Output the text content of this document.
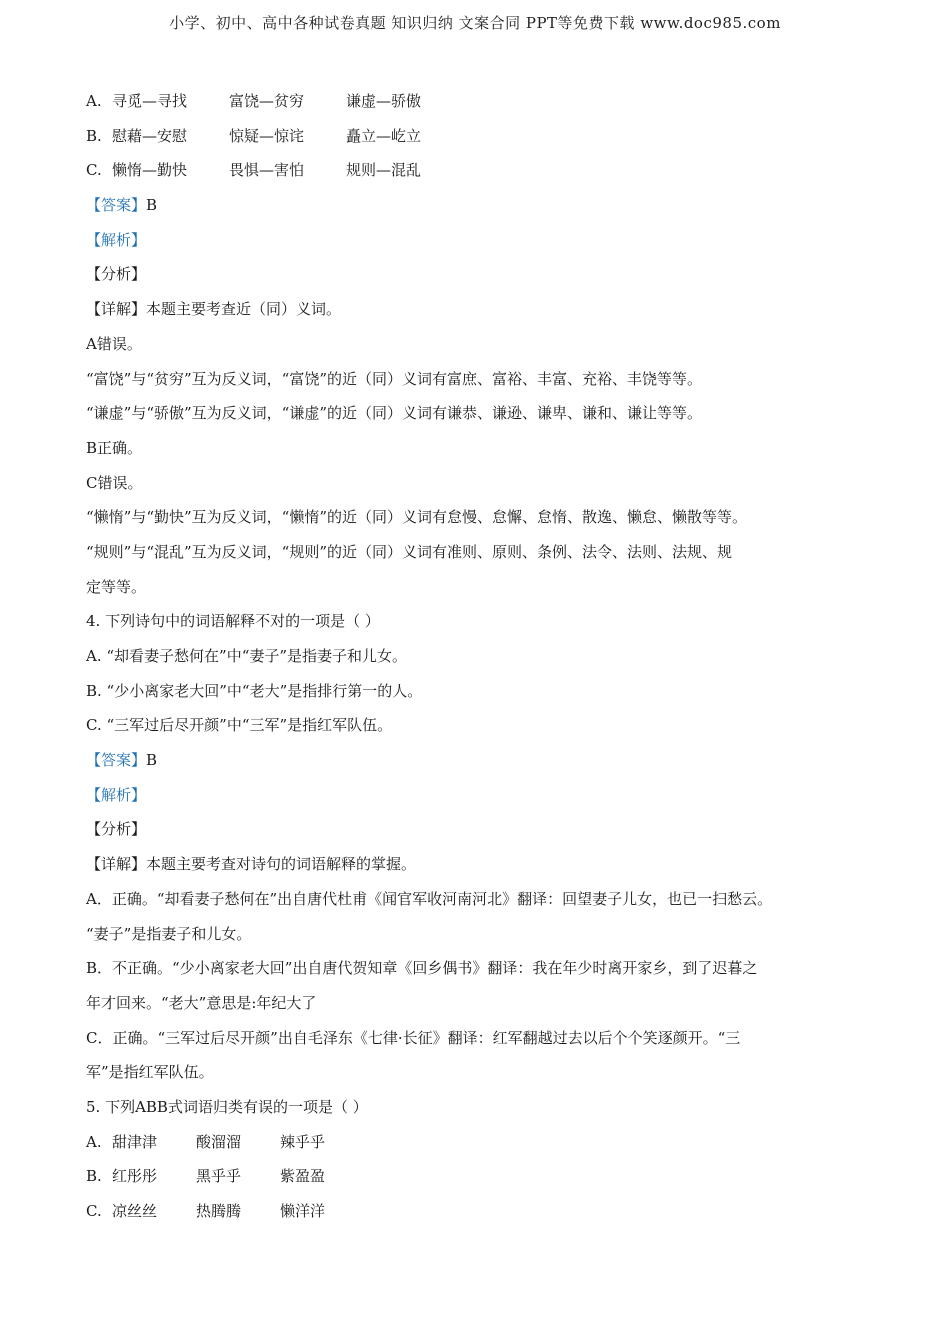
小学、初中、高中各种试卷真题 知识归纳 文案合同 PPT等免费下载 www.doc985.com
A. 寻觅—寻找	富饶—贫穷	谦虚—骄傲
B. 慰藉—安慰	惊疑—惊诧	矗立—屹立
C. 懒惰—勤快	畏惧—害怕	规则—混乱
【答案】B
【解析】
【分析】
【详解】本题主要考查近（同）义词。
A错误。
“富饶”与“贫穷”互为反义词，“富饶”的近（同）义词有富庶、富裕、丰富、充裕、丰饶等等。
“谦虚”与“骄傲”互为反义词，“谦虚”的近（同）义词有谦恭、谦逊、谦卑、谦和、谦让等等。
B正确。
C错误。
“懒惰”与“勤快”互为反义词，“懒惰”的近（同）义词有怠慢、怠懈、怠惰、散逸、懒怠、懒散等等。
“规则”与“混乱”互为反义词，“规则”的近（同）义词有准则、原则、条例、法令、法则、法规、规
定等等。
4. 下列诗句中的词语解释不对的一项是（ ）
A. “却看妻子愁何在”中“妻子”是指妻子和儿女。
B. “少小离家老大回”中“老大”是指排行第一的人。
C. “三军过后尽开颜”中“三军”是指红军队伍。
【答案】B
【解析】
【分析】
【详解】本题主要考查对诗句的词语解释的掌握。
A．正确。“却看妻子愁何在”出自唐代杜甫《闻官军收河南河北》翻译：回望妻子儿女，也已一扫愁云。
“妻子”是指妻子和儿女。
B．不正确。“少小离家老大回”出自唐代贺知章《回乡偶书》翻译：我在年少时离开家乡，到了迟暮之
年才回来。“老大”意思是:年纪大了
C．正确。“三军过后尽开颜”出自毛泽东《七律·长征》翻译：红军翻越过去以后个个笑逐颜开。“三
军”是指红军队伍。
5. 下列ABB式词语归类有误的一项是（ ）
A. 甜津津	酸溜溜	辣乎乎
B. 红彤彤	黑乎乎	紫盈盈
C. 凉丝丝	热腾腾	懒洋洋
